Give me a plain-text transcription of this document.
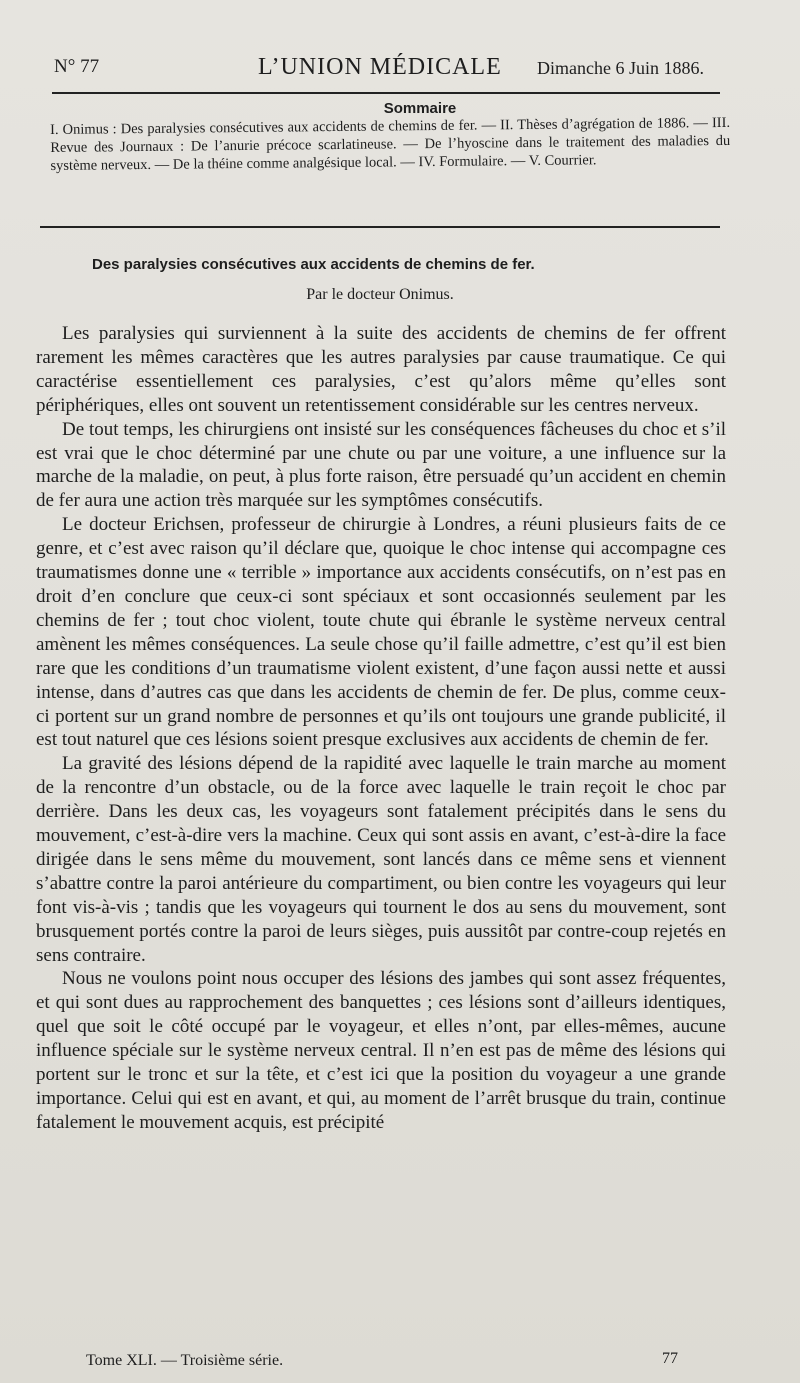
N° 77	L’UNION MÉDICALE Dimanche 6 Juin 1886.
Sommaire
I. Onimus : Des paralysies consécutives aux accidents de chemins de fer. — II. Thèses d’agrégation de 1886. — III. Revue des Journaux : De l’anurie précoce scarlatineuse. — De l’hyoscine dans le traitement des maladies du système nerveux. — De la théine comme analgésique local. — IV. Formulaire. — V. Courrier.
Des paralysies consécutives aux accidents de chemins de fer.
Par le docteur Onimus.

Les paralysies qui surviennent à la suite des accidents de chemins de fer offrent rarement les mêmes caractères que les autres paralysies par cause traumatique. Ce qui caractérise essentiellement ces paralysies, c’est qu’alors même qu’elles sont périphériques, elles ont souvent un retentissement considérable sur les centres nerveux.

De tout temps, les chirurgiens ont insisté sur les conséquences fâcheuses du choc et s’il est vrai que le choc déterminé par une chute ou par une voiture, a une influence sur la marche de la maladie, on peut, à plus forte raison, être persuadé qu’un accident en chemin de fer aura une action très marquée sur les symptômes consécutifs.

Le docteur Erichsen, professeur de chirurgie à Londres, a réuni plusieurs faits de ce genre, et c’est avec raison qu’il déclare que, quoique le choc intense qui accompagne ces traumatismes donne une « terrible » importance aux accidents consécutifs, on n’est pas en droit d’en conclure que ceux-ci sont spéciaux et sont occasionnés seulement par les chemins de fer ; tout choc violent, toute chute qui ébranle le système nerveux central amènent les mêmes conséquences. La seule chose qu’il faille admettre, c’est qu’il est bien rare que les conditions d’un traumatisme violent existent, d’une façon aussi nette et aussi intense, dans d’autres cas que dans les accidents de chemin de fer. De plus, comme ceux-ci portent sur un grand nombre de personnes et qu’ils ont toujours une grande publicité, il est tout naturel que ces lésions soient presque exclusives aux accidents de chemin de fer.

La gravité des lésions dépend de la rapidité avec laquelle le train marche au moment de la rencontre d’un obstacle, ou de la force avec laquelle le train reçoit le choc par derrière. Dans les deux cas, les voyageurs sont fatalement précipités dans le sens du mouvement, c’est-à-dire vers la machine. Ceux qui sont assis en avant, c’est-à-dire la face dirigée dans le sens même du mouvement, sont lancés dans ce même sens et viennent s’abattre contre la paroi antérieure du compartiment, ou bien contre les voyageurs qui leur font vis-à-vis ; tandis que les voyageurs qui tournent le dos au sens du mouvement, sont brusquement portés contre la paroi de leurs sièges, puis aussitôt par contre-coup rejetés en sens contraire.

Nous ne voulons point nous occuper des lésions des jambes qui sont assez fréquentes, et qui sont dues au rapprochement des banquettes ; ces lésions sont d’ailleurs identiques, quel que soit le côté occupé par le voyageur, et elles n’ont, par elles-mêmes, aucune influence spéciale sur le système nerveux central. Il n’en est pas de même des lésions qui portent sur le tronc et sur la tête, et c’est ici que la position du voyageur a une grande importance. Celui qui est en avant, et qui, au moment de l’arrêt brusque du train, continue fatalement le mouvement acquis, est précipité

Tome XLI. — Troisième série.	77
